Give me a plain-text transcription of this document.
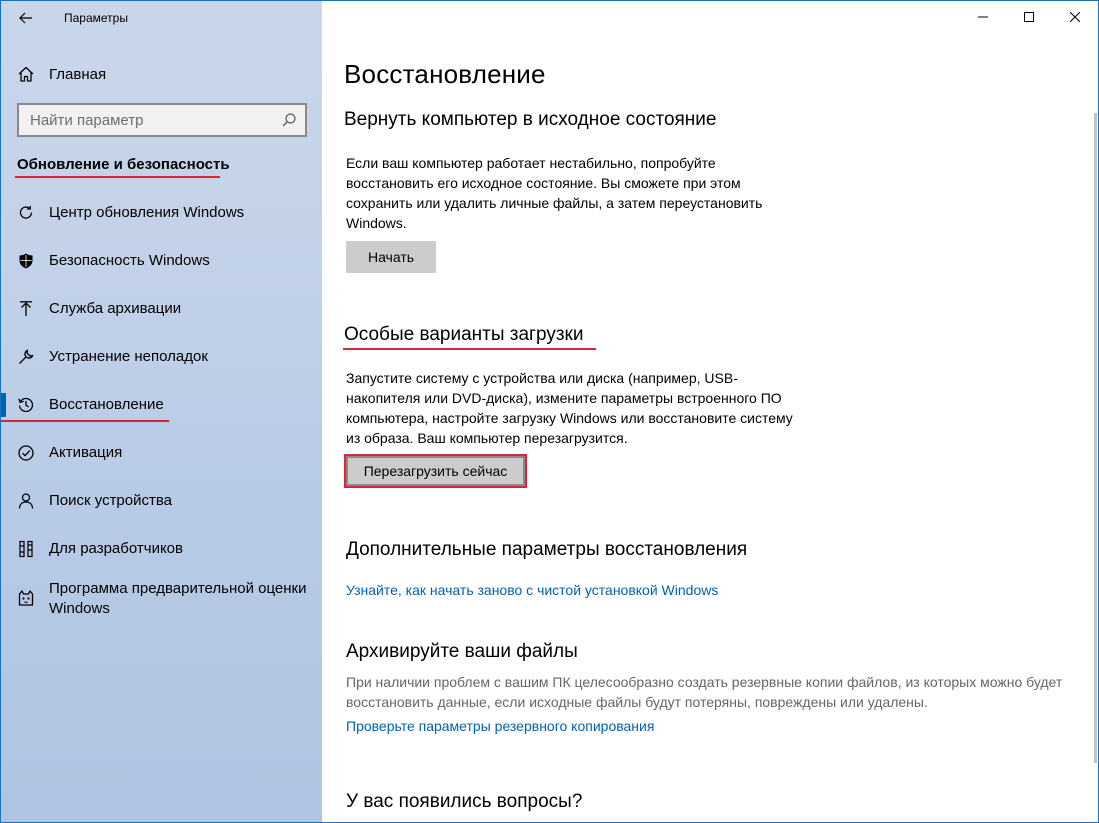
Параметры
Главная
Найти параметр
Обновление и безопасность
Центр обновления Windows
Безопасность Windows
Служба архивации
Устранение неполадок
Восстановление
Активация
Поиск устройства
Для разработчиков
Программа предварительной оценки Windows
Восстановление
Вернуть компьютер в исходное состояние
Если ваш компьютер работает нестабильно, попробуйте восстановить его исходное состояние. Вы сможете при этом сохранить или удалить личные файлы, а затем переустановить Windows.
Начать
Особые варианты загрузки
Запустите систему с устройства или диска (например, USB-накопителя или DVD-диска), измените параметры встроенного ПО компьютера, настройте загрузку Windows или восстановите систему из образа. Ваш компьютер перезагрузится.
Перезагрузить сейчас
Дополнительные параметры восстановления
Узнайте, как начать заново с чистой установкой Windows
Архивируйте ваши файлы
При наличии проблем с вашим ПК целесообразно создать резервные копии файлов, из которых можно будет восстановить данные, если исходные файлы будут потеряны, повреждены или удалены.
Проверьте параметры резервного копирования
У вас появились вопросы?
